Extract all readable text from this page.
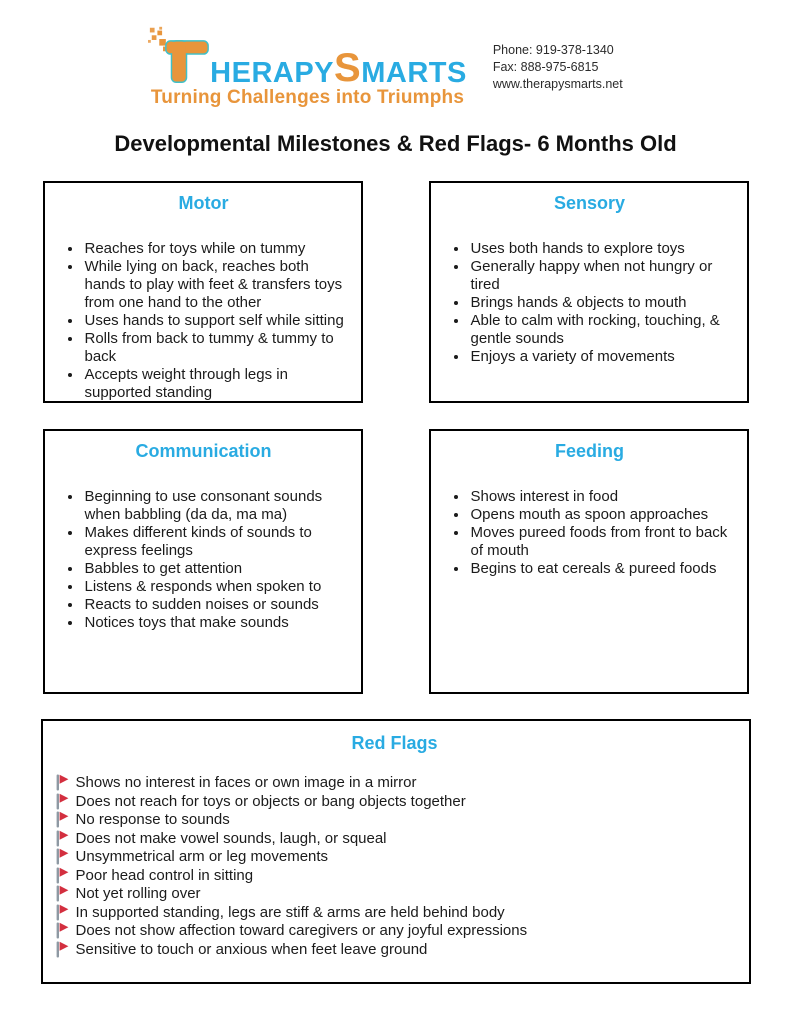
HERAPY S MARTS
Turning Challenges into Triumphs
Phone: 919-378-1340
Fax: 888-975-6815
www.therapysmarts.net
Developmental Milestones & Red Flags- 6 Months Old
Motor
• Reaches for toys while on tummy
• While lying on back, reaches both hands to play with feet & transfers toys from one hand to the other
• Uses hands to support self while sitting
• Rolls from back to tummy & tummy to back
• Accepts weight through legs in supported standing
Sensory
• Uses both hands to explore toys
• Generally happy when not hungry or tired
• Brings hands & objects to mouth
• Able to calm with rocking, touching, & gentle sounds
• Enjoys a variety of movements
Communication
• Beginning to use consonant sounds when babbling (da da, ma ma)
• Makes different kinds of sounds to express feelings
• Babbles to get attention
• Listens & responds when spoken to
• Reacts to sudden noises or sounds
• Notices toys that make sounds
Feeding
• Shows interest in food
• Opens mouth as spoon approaches
• Moves pureed foods from front to back of mouth
• Begins to eat cereals & pureed foods
Red Flags
Shows no interest in faces or own image in a mirror
Does not reach for toys or objects or bang objects together
No response to sounds
Does not make vowel sounds, laugh, or squeal
Unsymmetrical arm or leg movements
Poor head control in sitting
Not yet rolling over
In supported standing, legs are stiff & arms are held behind body
Does not show affection toward caregivers or any joyful expressions
Sensitive to touch or anxious when feet leave ground
